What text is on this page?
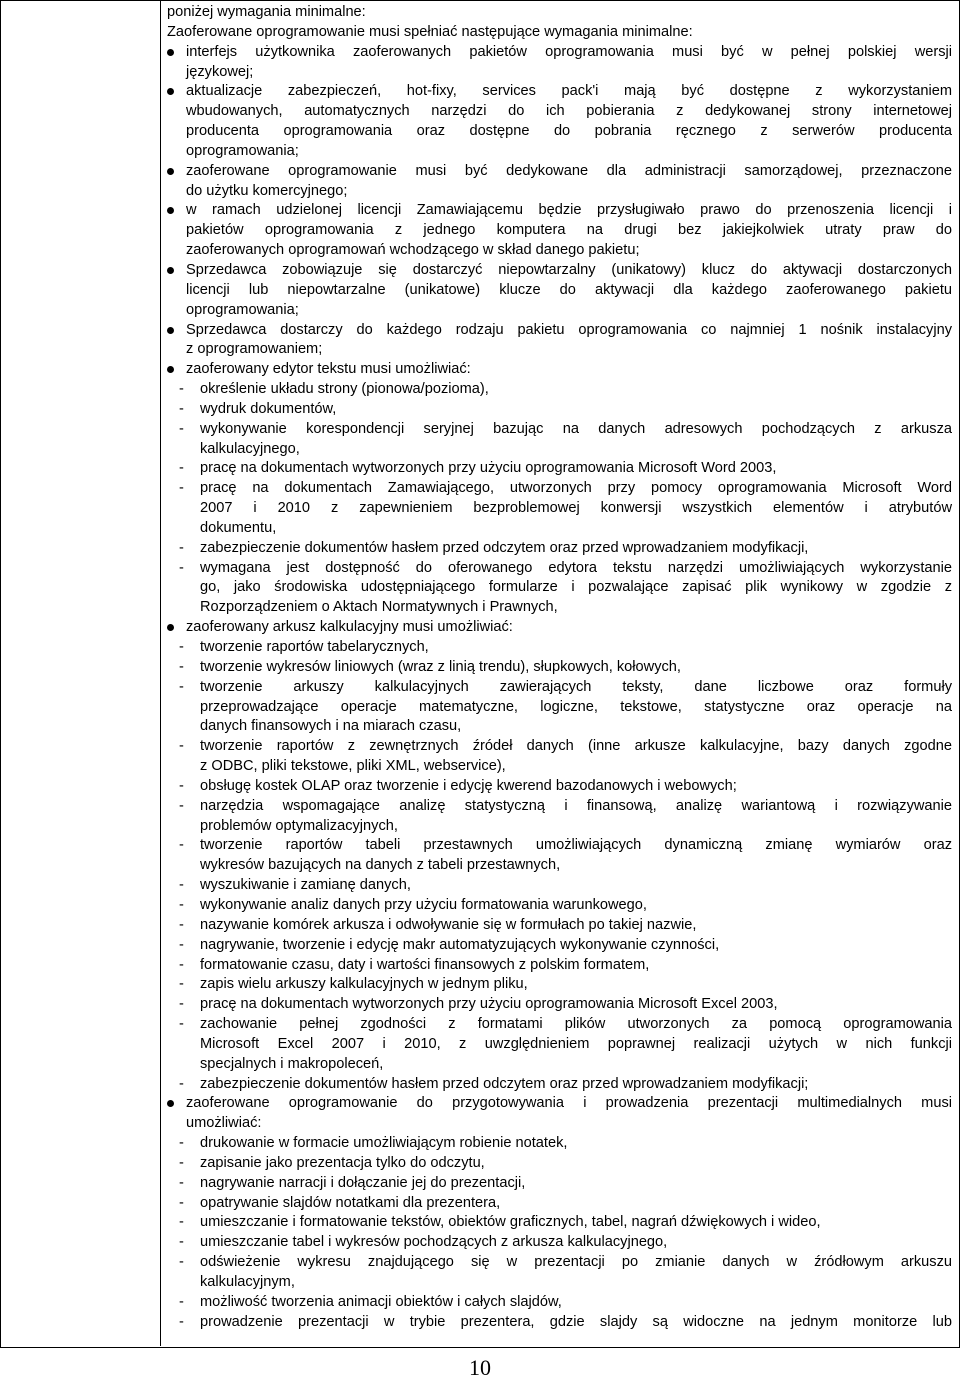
poniżej wymagania minimalne:
Zaoferowane oprogramowanie musi spełniać następujące wymagania minimalne:
interfejs użytkownika zaoferowanych pakietów oprogramowania musi być w pełnej polskiej wersji
językowej;
aktualizacje zabezpieczeń, hot-fixy, services pack'i mają być dostępne z wykorzystaniem
wbudowanych, automatycznych narzędzi do ich pobierania z dedykowanej strony internetowej
producenta oprogramowania oraz dostępne do pobrania ręcznego z serwerów producenta
oprogramowania;
zaoferowane oprogramowanie musi być dedykowane dla administracji samorządowej, przeznaczone
do użytku komercyjnego;
w ramach udzielonej licencji Zamawiającemu będzie przysługiwało prawo do przenoszenia licencji i
pakietów oprogramowania z jednego komputera na drugi bez jakiejkolwiek utraty praw do
zaoferowanych oprogramowań wchodzącego w skład danego pakietu;
Sprzedawca zobowiązuje się dostarczyć niepowtarzalny (unikatowy) klucz do aktywacji dostarczonych
licencji lub niepowtarzalne (unikatowe) klucze do aktywacji dla każdego zaoferowanego pakietu
oprogramowania;
Sprzedawca dostarczy do każdego rodzaju pakietu oprogramowania co najmniej 1 nośnik instalacyjny
z oprogramowaniem;
zaoferowany edytor tekstu musi umożliwiać:
- określenie układu strony (pionowa/pozioma),
- wydruk dokumentów,
- wykonywanie korespondencji seryjnej bazując na danych adresowych pochodzących z arkusza
kalkulacyjnego,
- pracę na dokumentach wytworzonych przy użyciu oprogramowania Microsoft Word 2003,
- pracę na dokumentach Zamawiającego, utworzonych przy pomocy oprogramowania Microsoft Word
2007 i 2010 z zapewnieniem bezproblemowej konwersji wszystkich elementów i atrybutów
dokumentu,
- zabezpieczenie dokumentów hasłem przed odczytem oraz przed wprowadzaniem modyfikacji,
- wymagana jest dostępność do oferowanego edytora tekstu narzędzi umożliwiających wykorzystanie
go, jako środowiska udostępniającego formularze i pozwalające zapisać plik wynikowy w zgodzie z
Rozporządzeniem o Aktach Normatywnych i Prawnych,
zaoferowany arkusz kalkulacyjny musi umożliwiać:
- tworzenie raportów tabelarycznych,
- tworzenie wykresów liniowych (wraz z linią trendu), słupkowych, kołowych,
- tworzenie arkuszy kalkulacyjnych zawierających teksty, dane liczbowe oraz formuły
przeprowadzające operacje matematyczne, logiczne, tekstowe, statystyczne oraz operacje na
danych finansowych i na miarach czasu,
- tworzenie raportów z zewnętrznych źródeł danych (inne arkusze kalkulacyjne, bazy danych zgodne
z ODBC, pliki tekstowe, pliki XML, webservice),
- obsługę kostek OLAP oraz tworzenie i edycję kwerend bazodanowych i webowych;
- narzędzia wspomagające analizę statystyczną i finansową, analizę wariantową i rozwiązywanie
problemów optymalizacyjnych,
- tworzenie raportów tabeli przestawnych umożliwiających dynamiczną zmianę wymiarów oraz
wykresów bazujących na danych z tabeli przestawnych,
- wyszukiwanie i zamianę danych,
- wykonywanie analiz danych przy użyciu formatowania warunkowego,
- nazywanie komórek arkusza i odwoływanie się w formułach po takiej nazwie,
- nagrywanie, tworzenie i edycję makr automatyzujących wykonywanie czynności,
- formatowanie czasu, daty i wartości finansowych z polskim formatem,
- zapis wielu arkuszy kalkulacyjnych w jednym pliku,
- pracę na dokumentach wytworzonych przy użyciu oprogramowania Microsoft Excel 2003,
- zachowanie pełnej zgodności z formatami plików utworzonych za pomocą oprogramowania
Microsoft Excel 2007 i 2010, z uwzględnieniem poprawnej realizacji użytych w nich funkcji
specjalnych i makropoleceń,
- zabezpieczenie dokumentów hasłem przed odczytem oraz przed wprowadzaniem modyfikacji;
zaoferowane oprogramowanie do przygotowywania i prowadzenia prezentacji multimedialnych musi
umożliwiać:
- drukowanie w formacie umożliwiającym robienie notatek,
- zapisanie jako prezentacja tylko do odczytu,
- nagrywanie narracji i dołączanie jej do prezentacji,
- opatrywanie slajdów notatkami dla prezentera,
- umieszczanie i formatowanie tekstów, obiektów graficznych, tabel, nagrań dźwiękowych i wideo,
- umieszczanie tabel i wykresów pochodzących z arkusza kalkulacyjnego,
- odświeżenie wykresu znajdującego się w prezentacji po zmianie danych w źródłowym arkuszu
kalkulacyjnym,
- możliwość tworzenia animacji obiektów i całych slajdów,
- prowadzenie prezentacji w trybie prezentera, gdzie slajdy są widoczne na jednym monitorze lub
10
